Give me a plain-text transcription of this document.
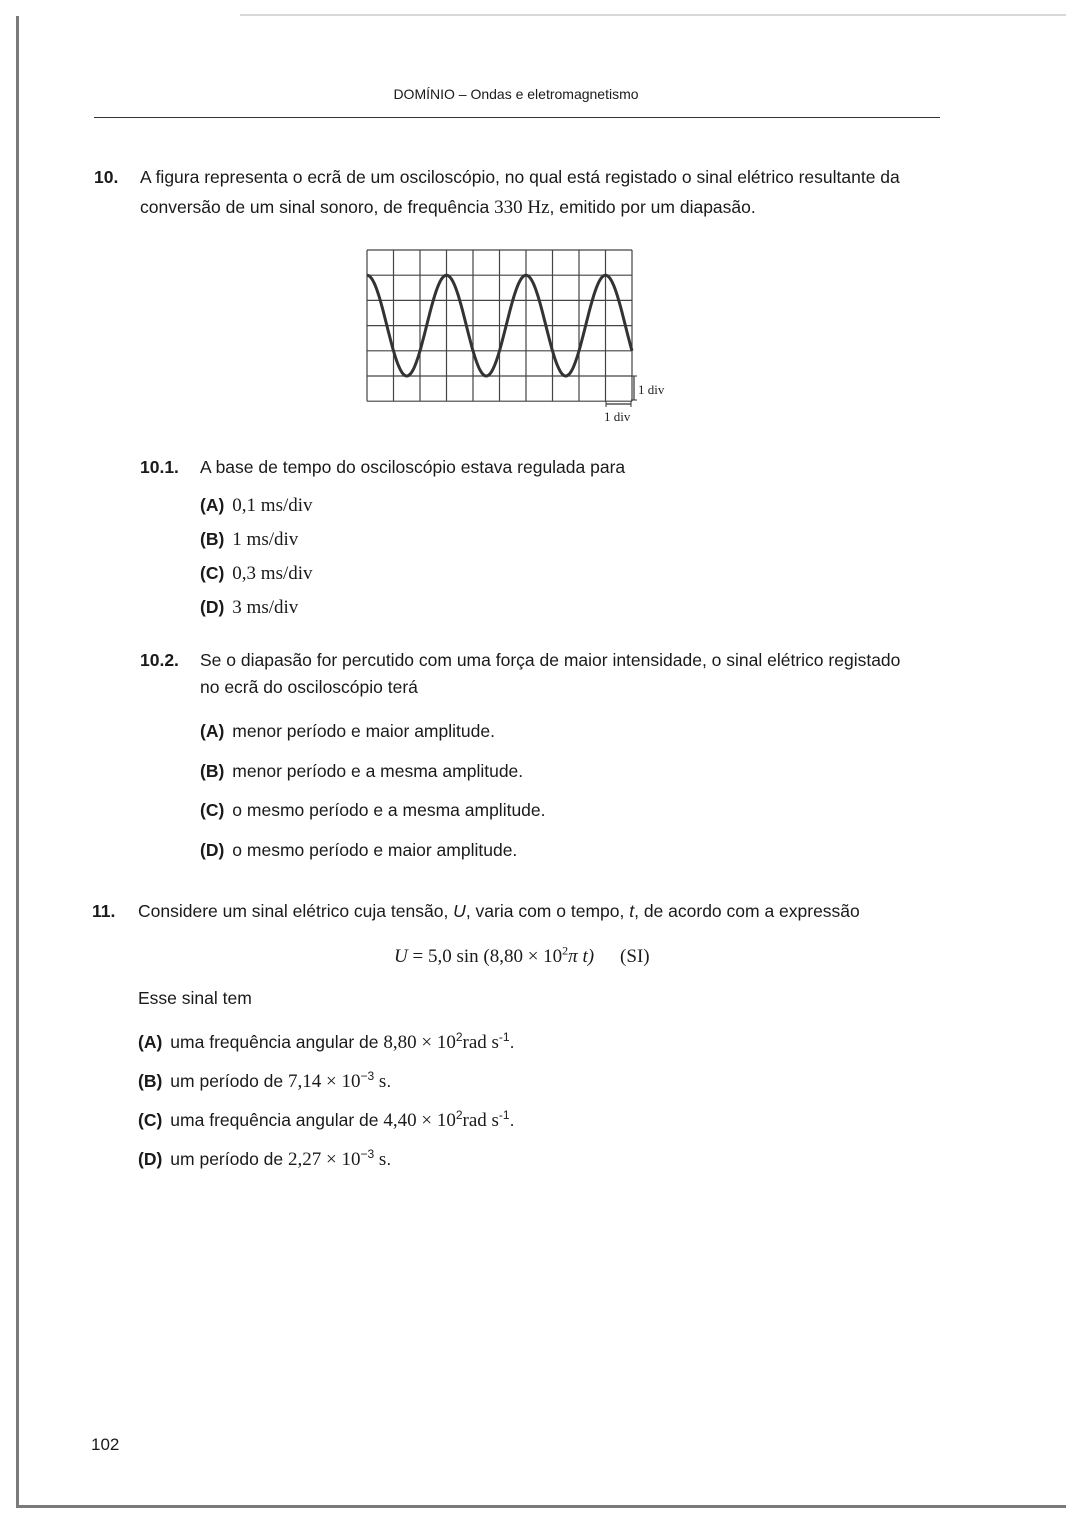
DOMÍNIO – Ondas e eletromagnetismo
10. A figura representa o ecrã de um osciloscópio, no qual está registado o sinal elétrico resultante da
conversão de um sinal sonoro, de frequência 330 Hz, emitido por um diapasão.
1 div
1 div
10.1. A base de tempo do osciloscópio estava regulada para
(A) 0,1 ms/div
(B) 1 ms/div
(C) 0,3 ms/div
(D) 3 ms/div
10.2. Se o diapasão for percutido com uma força de maior intensidade, o sinal elétrico registado
no ecrã do osciloscópio terá
(A) menor período e maior amplitude.
(B) menor período e a mesma amplitude.
(C) o mesmo período e a mesma amplitude.
(D) o mesmo período e maior amplitude.
11. Considere um sinal elétrico cuja tensão, U, varia com o tempo, t, de acordo com a expressão
U = 5,0 $\sin (8,80 \times 10^2\pi$ t) (SI)
Esse sinal tem
(A) uma frequência angular de $8,80 \times 10^2rad$ $s^{-1}$.
(B) um período de $7,14 \times 10^{-3}$ s.
(C) uma frequência angular de $4,40 \times 10^2rad$ $s^{-1}$.
(D) um período de $2,27 \times 10^{-3}$ s.
102
